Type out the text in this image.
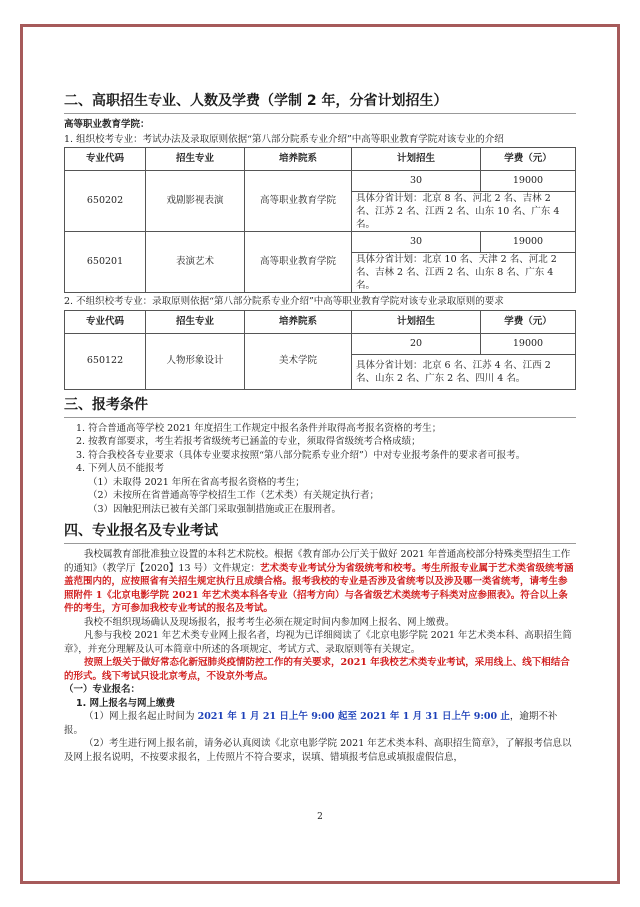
二、高职招生专业、人数及学费（学制 2 年，分省计划招生）

高等职业教育学院：

1. 组织校考专业：考试办法及录取原则依据“第八部分院系专业介绍”中高等职业教育学院对该专业的介绍

专业代码	招生专业	培养院系	计划招生	学费（元）
650202	戏剧影视表演	高等职业教育学院	30	19000
			具体分省计划：北京 8 名、河北 2 名、吉林 2 名、江苏 2 名、江西 2 名、山东 10 名、广东 4 名。	
650201	表演艺术	高等职业教育学院	30	19000
			具体分省计划：北京 10 名、天津 2 名、河北 2 名、吉林 2 名、江西 2 名、山东 8 名、广东 4 名。	

2. 不组织校考专业：录取原则依据“第八部分院系专业介绍”中高等职业教育学院对该专业录取原则的要求

专业代码	招生专业	培养院系	计划招生	学费（元）
650122	人物形象设计	美术学院	20	19000
			具体分省计划：北京 6 名、江苏 4 名、江西 2 名、山东 2 名、广东 2 名、四川 4 名。	
三、报考条件

1. 符合普通高等学校 2021 年度招生工作规定中报名条件并取得高考报名资格的考生；

2. 按教育部要求，考生若报考省级统考已涵盖的专业，须取得省级统考合格成绩；

3. 符合我校各专业要求（具体专业要求按照“第八部分院系专业介绍”）中对专业报考条件的要求者可报考。

4. 下列人员不能报考

（1）未取得 2021 年所在省高考报名资格的考生；

（2）未按所在省普通高等学校招生工作（艺术类）有关规定执行者；

（3）因触犯刑法已被有关部门采取强制措施或正在服刑者。

四、专业报名及专业考试

我校属教育部批准独立设置的本科艺术院校。根据《教育部办公厅关于做好 2021 年普通高校部分特殊类型招生工作的通知》（教学厅【2020】13 号）文件规定：艺术类专业考试分为省级统考和校考。考生所报专业属于艺术类省级统考涵盖范围内的，应按照省有关招生规定执行且成绩合格。报考我校的专业是否涉及省统考以及涉及哪一类省统考，请考生参照附件 1《北京电影学院 2021 年艺术类本科各专业（招考方向）与各省级艺术类统考子科类对应参照表》。符合以上条件的考生，方可参加我校专业考试的报名及考试。

我校不组织现场确认及现场报名，报考考生必须在规定时间内参加网上报名、网上缴费。

凡参与我校 2021 年艺术类专业网上报名者，均视为已详细阅读了《北京电影学院 2021 年艺术类本科、高职招生简章》，并充分理解及认可本简章中所述的各项规定、考试方式、录取原则等有关规定。

按照上级关于做好常态化新冠肺炎疫情防控工作的有关要求，2021 年我校艺术类专业考试，采用线上、线下相结合的形式。线下考试只设北京考点，不设京外考点。

（一）专业报名：

1. 网上报名与网上缴费

（1）网上报名起止时间为 2021 年 1 月 21 日上午 9:00 起至 2021 年 1 月 31 日上午 9:00 止，逾期不补报。

（2）考生进行网上报名前，请务必认真阅读《北京电影学院 2021 年艺术类本科、高职招生简章》，了解报考信息以及网上报名说明，不按要求报名，上传照片不符合要求，误填、错填报考信息或填报虚假信息，

2
